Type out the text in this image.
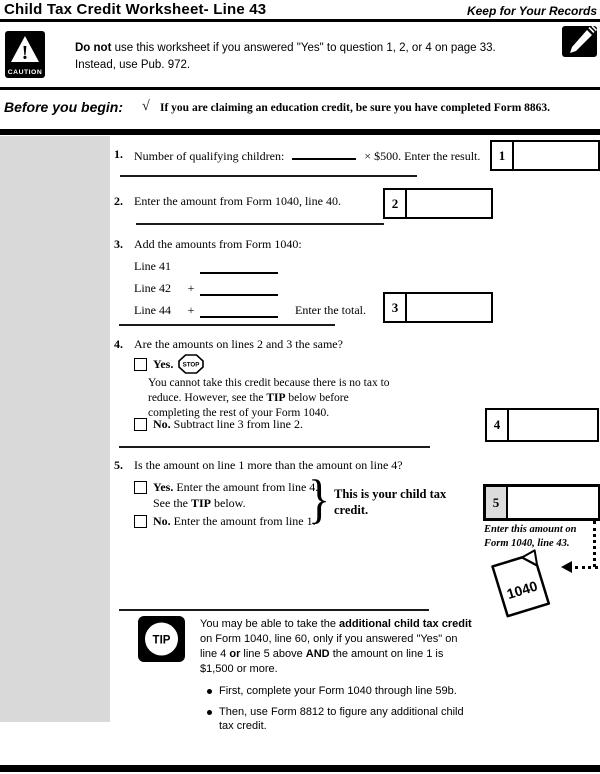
Child Tax Credit Worksheet- Line 43	Keep for Your Records
!
CAUTION
Do not use this worksheet if you answered "Yes" to question 1, 2, or 4 on page 33.
Instead, use Pub. 972.
Before you begin: √ If you are claiming an education credit, be sure you have completed Form 8863.
1. Number of qualifying children:	× $500. Enter the result.	1
2. Enter the amount from Form 1040, line 40.	2
3. Add the amounts from Form 1040:
Line 41
Line 42	+
Line 44	+	Enter the total.	3
4. Are the amounts on lines 2 and 3 the same?
Yes. STOP
You cannot take this credit because there is no tax to reduce. However, see the TIP below before completing the rest of your Form 1040.
No. Subtract line 3 from line 2.	4
5. Is the amount on line 1 more than the amount on line 4?
Yes. Enter the amount from line 4. See the TIP below.
No. Enter the amount from line 1.
} This is your child tax credit.
5
Enter this amount on Form 1040, line 43.
1040
TIP
You may be able to take the additional child tax credit on Form 1040, line 60, only if you answered "Yes" on line 4 or line 5 above AND the amount on line 1 is $1,500 or more.
First, complete your Form 1040 through line 59b.
Then, use Form 8812 to figure any additional child tax credit.
